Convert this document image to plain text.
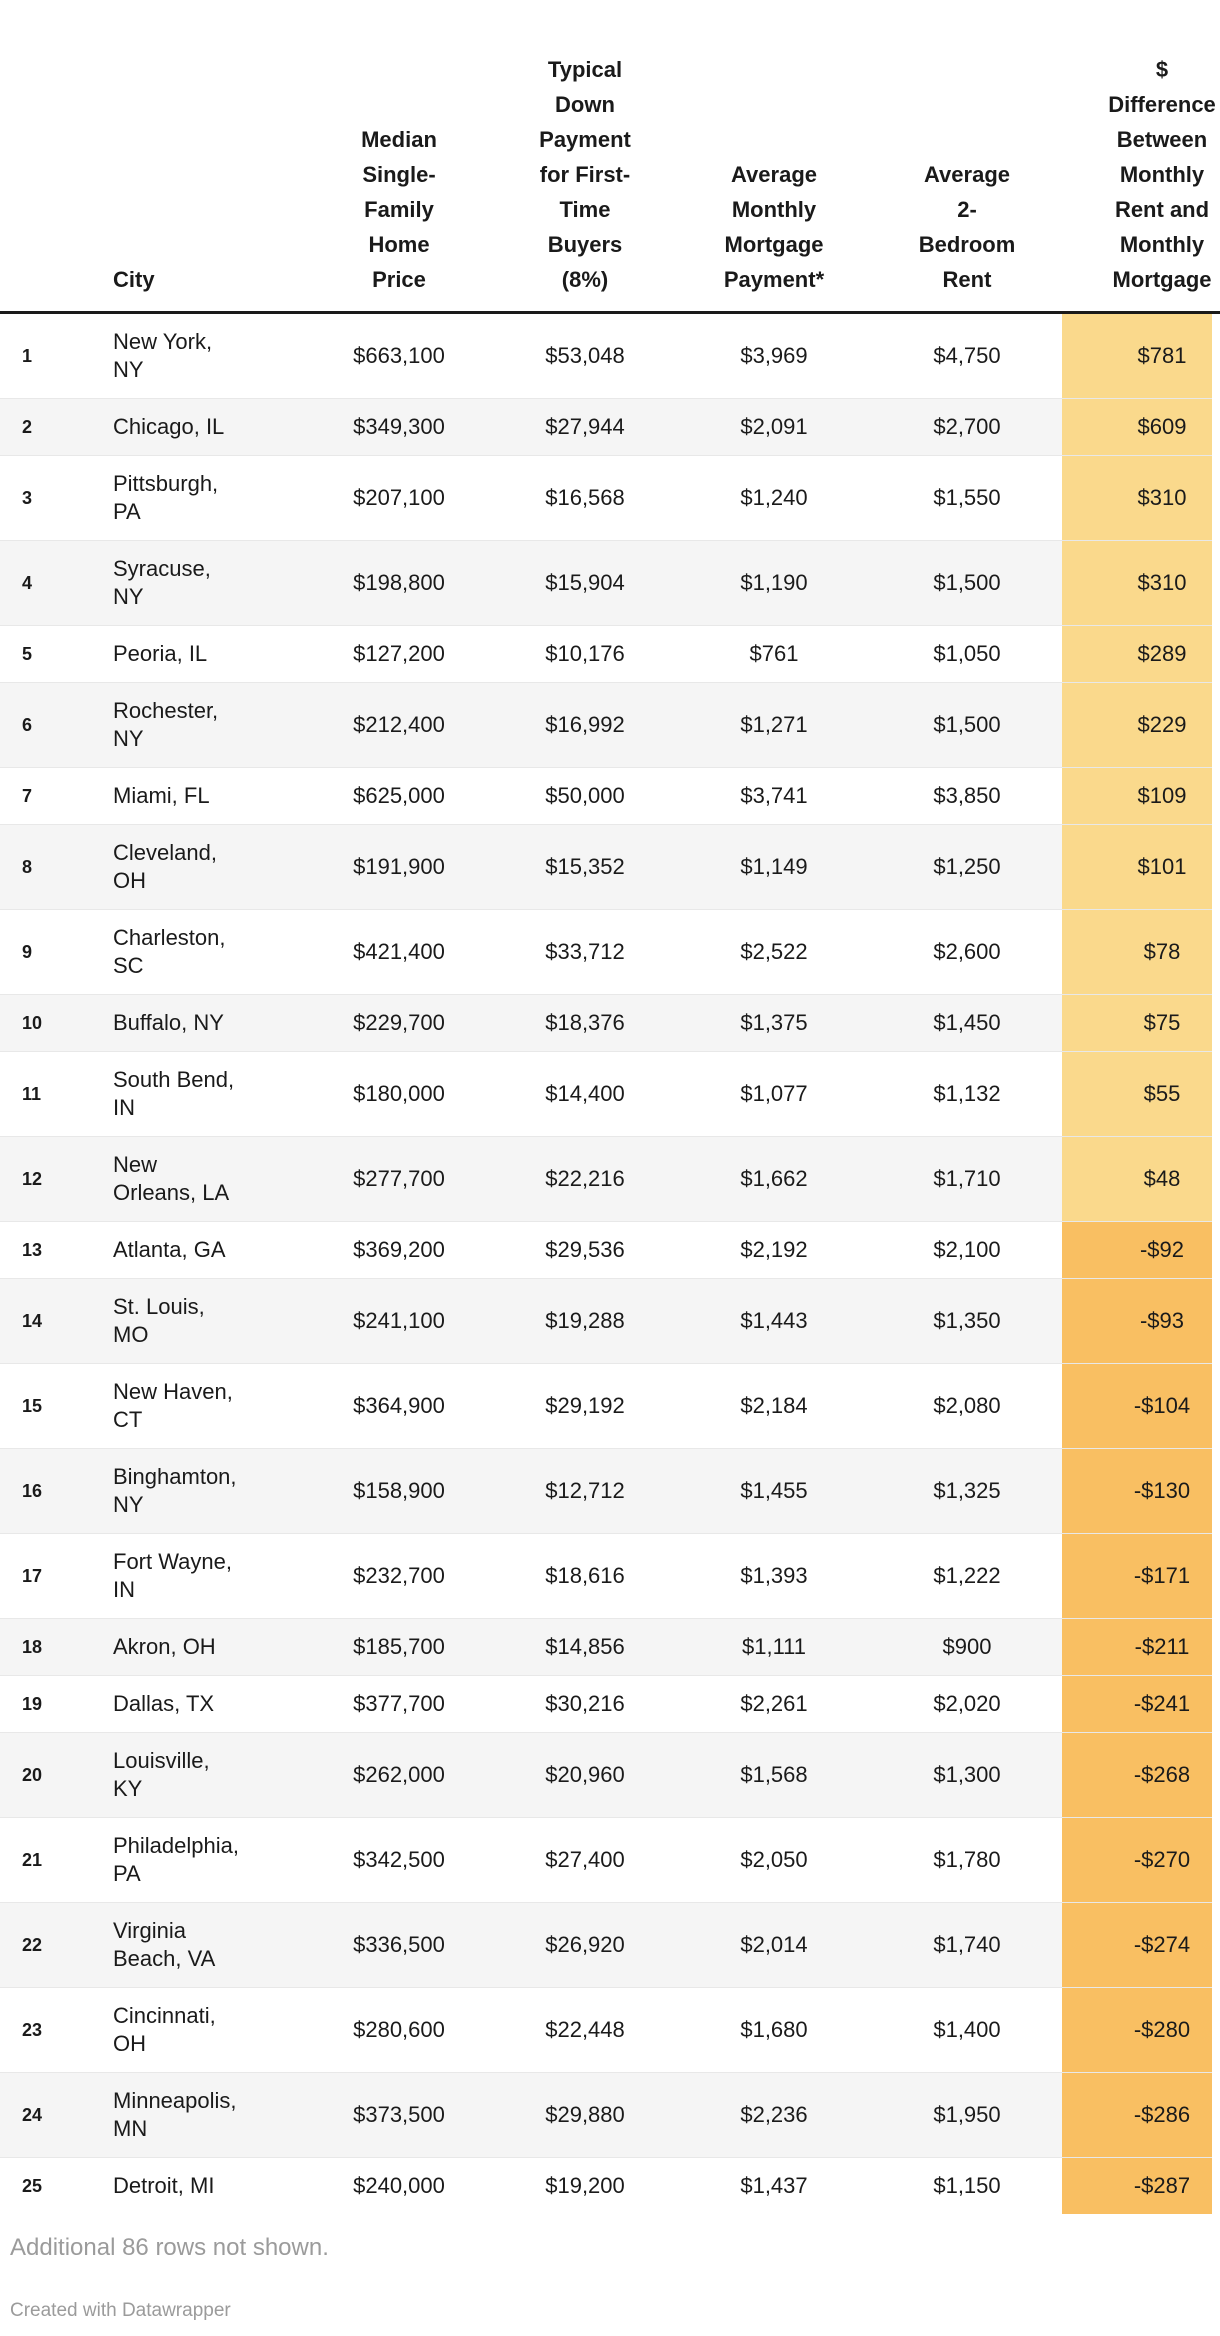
	City	Median
Single-
Family
Home
Price	Typical
Down
Payment
for First-
Time
Buyers
(8%)	Average
Monthly
Mortgage
Payment*	Average
2-
Bedroom
Rent	$
Difference
Between
Monthly
Rent and
Monthly
Mortgage
1	New York,
NY	$663,100	$53,048	$3,969	$4,750	$781
2	Chicago, IL	$349,300	$27,944	$2,091	$2,700	$609
3	Pittsburgh,
PA	$207,100	$16,568	$1,240	$1,550	$310
4	Syracuse,
NY	$198,800	$15,904	$1,190	$1,500	$310
5	Peoria, IL	$127,200	$10,176	$761	$1,050	$289
6	Rochester,
NY	$212,400	$16,992	$1,271	$1,500	$229
7	Miami, FL	$625,000	$50,000	$3,741	$3,850	$109
8	Cleveland,
OH	$191,900	$15,352	$1,149	$1,250	$101
9	Charleston,
SC	$421,400	$33,712	$2,522	$2,600	$78
10	Buffalo, NY	$229,700	$18,376	$1,375	$1,450	$75
11	South Bend,
IN	$180,000	$14,400	$1,077	$1,132	$55
12	New
Orleans, LA	$277,700	$22,216	$1,662	$1,710	$48
13	Atlanta, GA	$369,200	$29,536	$2,192	$2,100	-$92
14	St. Louis,
MO	$241,100	$19,288	$1,443	$1,350	-$93
15	New Haven,
CT	$364,900	$29,192	$2,184	$2,080	-$104
16	Binghamton,
NY	$158,900	$12,712	$1,455	$1,325	-$130
17	Fort Wayne,
IN	$232,700	$18,616	$1,393	$1,222	-$171
18	Akron, OH	$185,700	$14,856	$1,111	$900	-$211
19	Dallas, TX	$377,700	$30,216	$2,261	$2,020	-$241
20	Louisville,
KY	$262,000	$20,960	$1,568	$1,300	-$268
21	Philadelphia,
PA	$342,500	$27,400	$2,050	$1,780	-$270
22	Virginia
Beach, VA	$336,500	$26,920	$2,014	$1,740	-$274
23	Cincinnati,
OH	$280,600	$22,448	$1,680	$1,400	-$280
24	Minneapolis,
MN	$373,500	$29,880	$2,236	$1,950	-$286
25	Detroit, MI	$240,000	$19,200	$1,437	$1,150	-$287
Additional 86 rows not shown.
Created with Datawrapper
